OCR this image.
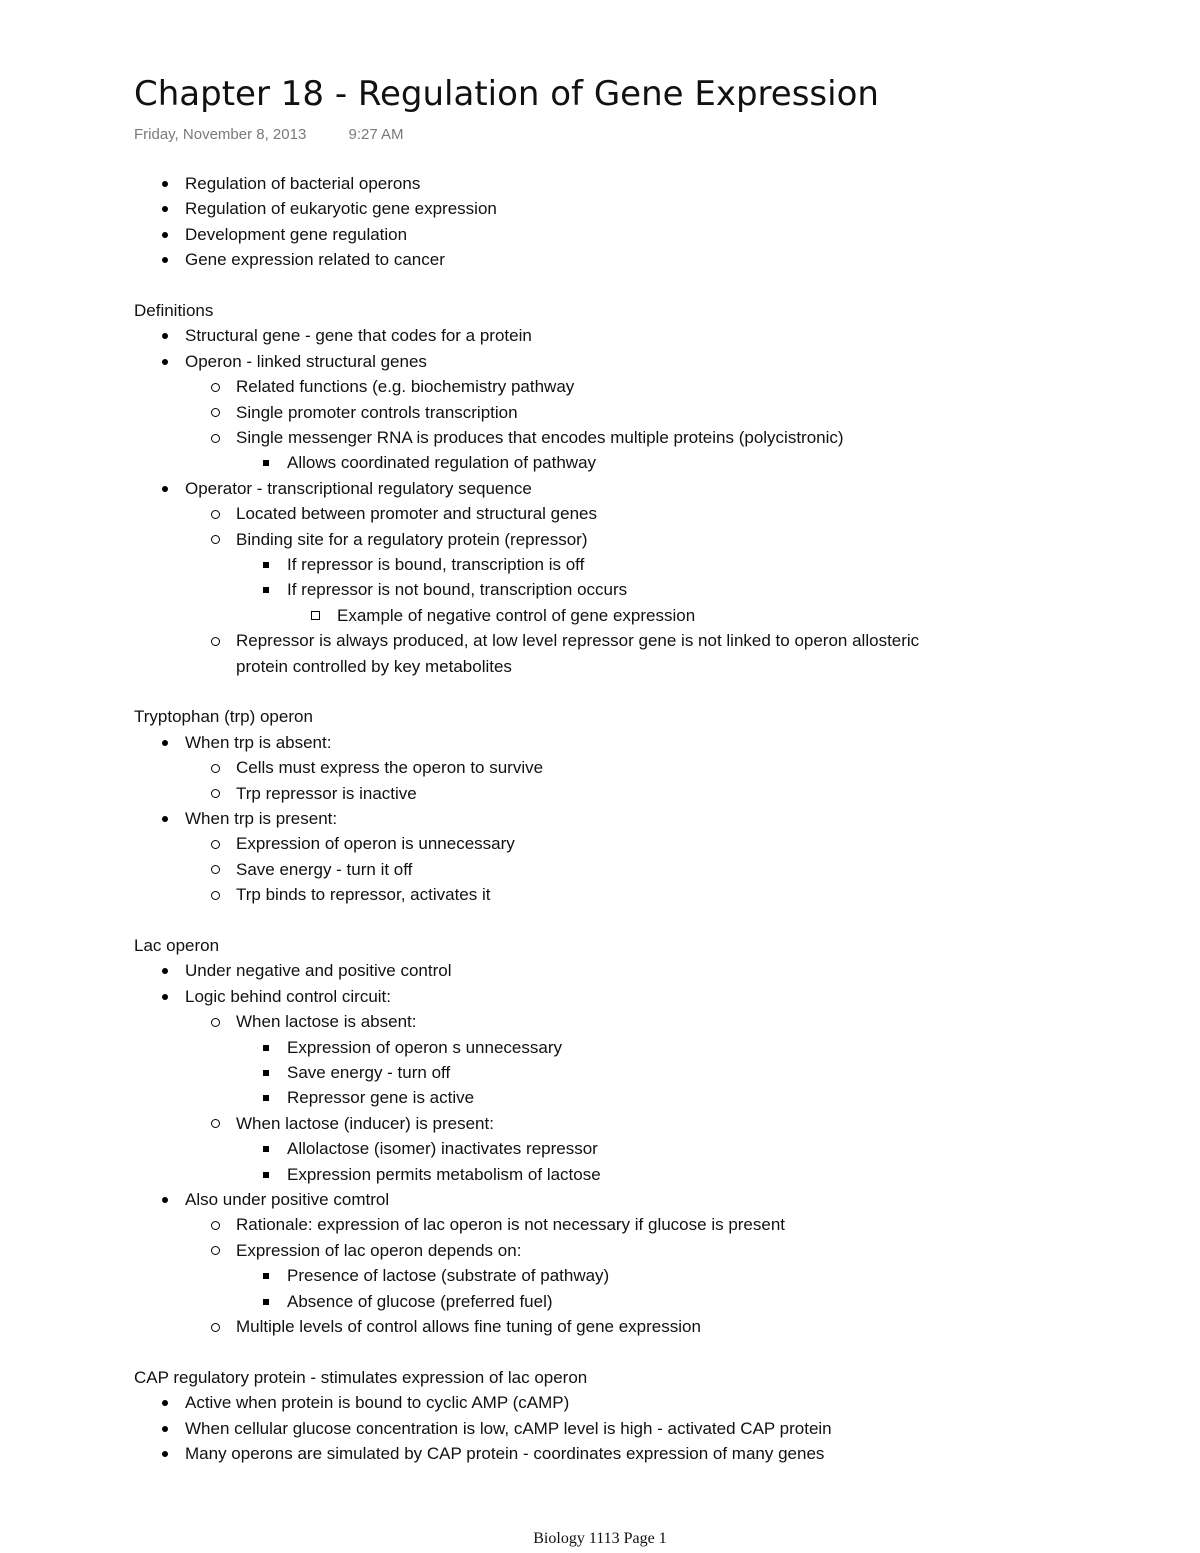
Chapter 18 - Regulation of Gene Expression
Friday, November 8, 2013	9:27 AM
Regulation of bacterial operons
Regulation of eukaryotic gene expression
Development gene regulation
Gene expression related to cancer
Definitions
Structural gene - gene that codes for a protein
Operon - linked structural genes
Related functions (e.g. biochemistry pathway
Single promoter controls transcription
Single messenger RNA is produces that encodes multiple proteins (polycistronic)
Allows coordinated regulation of pathway
Operator - transcriptional regulatory sequence
Located between promoter and structural genes
Binding site for a regulatory protein (repressor)
If repressor is bound, transcription is off
If repressor is not bound, transcription occurs
Example of negative control of gene expression
Repressor is always produced, at low level repressor gene is not linked to operon allosteric
protein controlled by key metabolites
Tryptophan (trp) operon
When trp is absent:
Cells must express the operon to survive
Trp repressor is inactive
When trp is present:
Expression of operon is unnecessary
Save energy - turn it off
Trp binds to repressor, activates it
Lac operon
Under negative and positive control
Logic behind control circuit:
When lactose is absent:
Expression of operon s unnecessary
Save energy - turn off
Repressor gene is active
When lactose (inducer) is present:
Allolactose (isomer) inactivates repressor
Expression permits metabolism of lactose
Also under positive comtrol
Rationale: expression of lac operon is not necessary if glucose is present
Expression of lac operon depends on:
Presence of lactose (substrate of pathway)
Absence of glucose (preferred fuel)
Multiple levels of control allows fine tuning of gene expression
CAP regulatory protein - stimulates expression of lac operon
Active when protein is bound to cyclic AMP (cAMP)
When cellular glucose concentration is low, cAMP level is high - activated CAP protein
Many operons are simulated by CAP protein - coordinates expression of many genes
Biology 1113 Page 1
